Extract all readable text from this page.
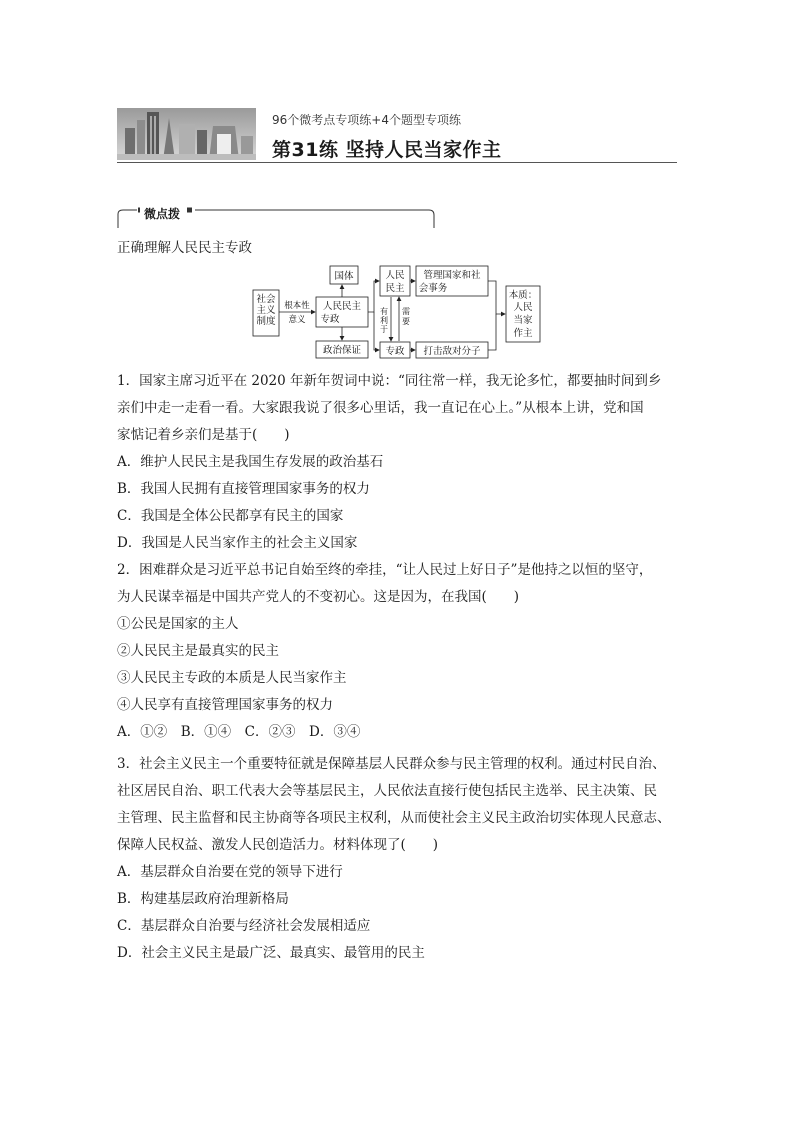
96个微考点专项练+4个题型专项练
第31练 坚持人民当家作主
微点拨
正确理解人民民主专政
社会
主义
制度
根本性
意义
人民民主
专政
国体
政治保证
人民
民主
专政
有
利
于
需
要
管理国家和社
会事务
打击敌对分子
本质：
人民
当家
作主

1．国家主席习近平在 2020 年新年贺词中说：“同往常一样，我无论多忙，都要抽时间到乡

亲们中走一走看一看。大家跟我说了很多心里话，我一直记在心上。”从根本上讲，党和国

家惦记着乡亲们是基于(　　)

A．维护人民民主是我国生存发展的政治基石

B．我国人民拥有直接管理国家事务的权力

C．我国是全体公民都享有民主的国家

D．我国是人民当家作主的社会主义国家

2．困难群众是习近平总书记自始至终的牵挂，“让人民过上好日子”是他持之以恒的坚守，

为人民谋幸福是中国共产党人的不变初心。这是因为，在我国(　　)

①公民是国家的主人

②人民民主是最真实的民主

③人民民主专政的本质是人民当家作主

④人民享有直接管理国家事务的权力

A．①②　B．①④　C．②③　D．③④

3．社会主义民主一个重要特征就是保障基层人民群众参与民主管理的权利。通过村民自治、

社区居民自治、职工代表大会等基层民主，人民依法直接行使包括民主选举、民主决策、民

主管理、民主监督和民主协商等各项民主权利，从而使社会主义民主政治切实体现人民意志、

保障人民权益、激发人民创造活力。材料体现了(　　)

A．基层群众自治要在党的领导下进行

B．构建基层政府治理新格局

C．基层群众自治要与经济社会发展相适应

D．社会主义民主是最广泛、最真实、最管用的民主
